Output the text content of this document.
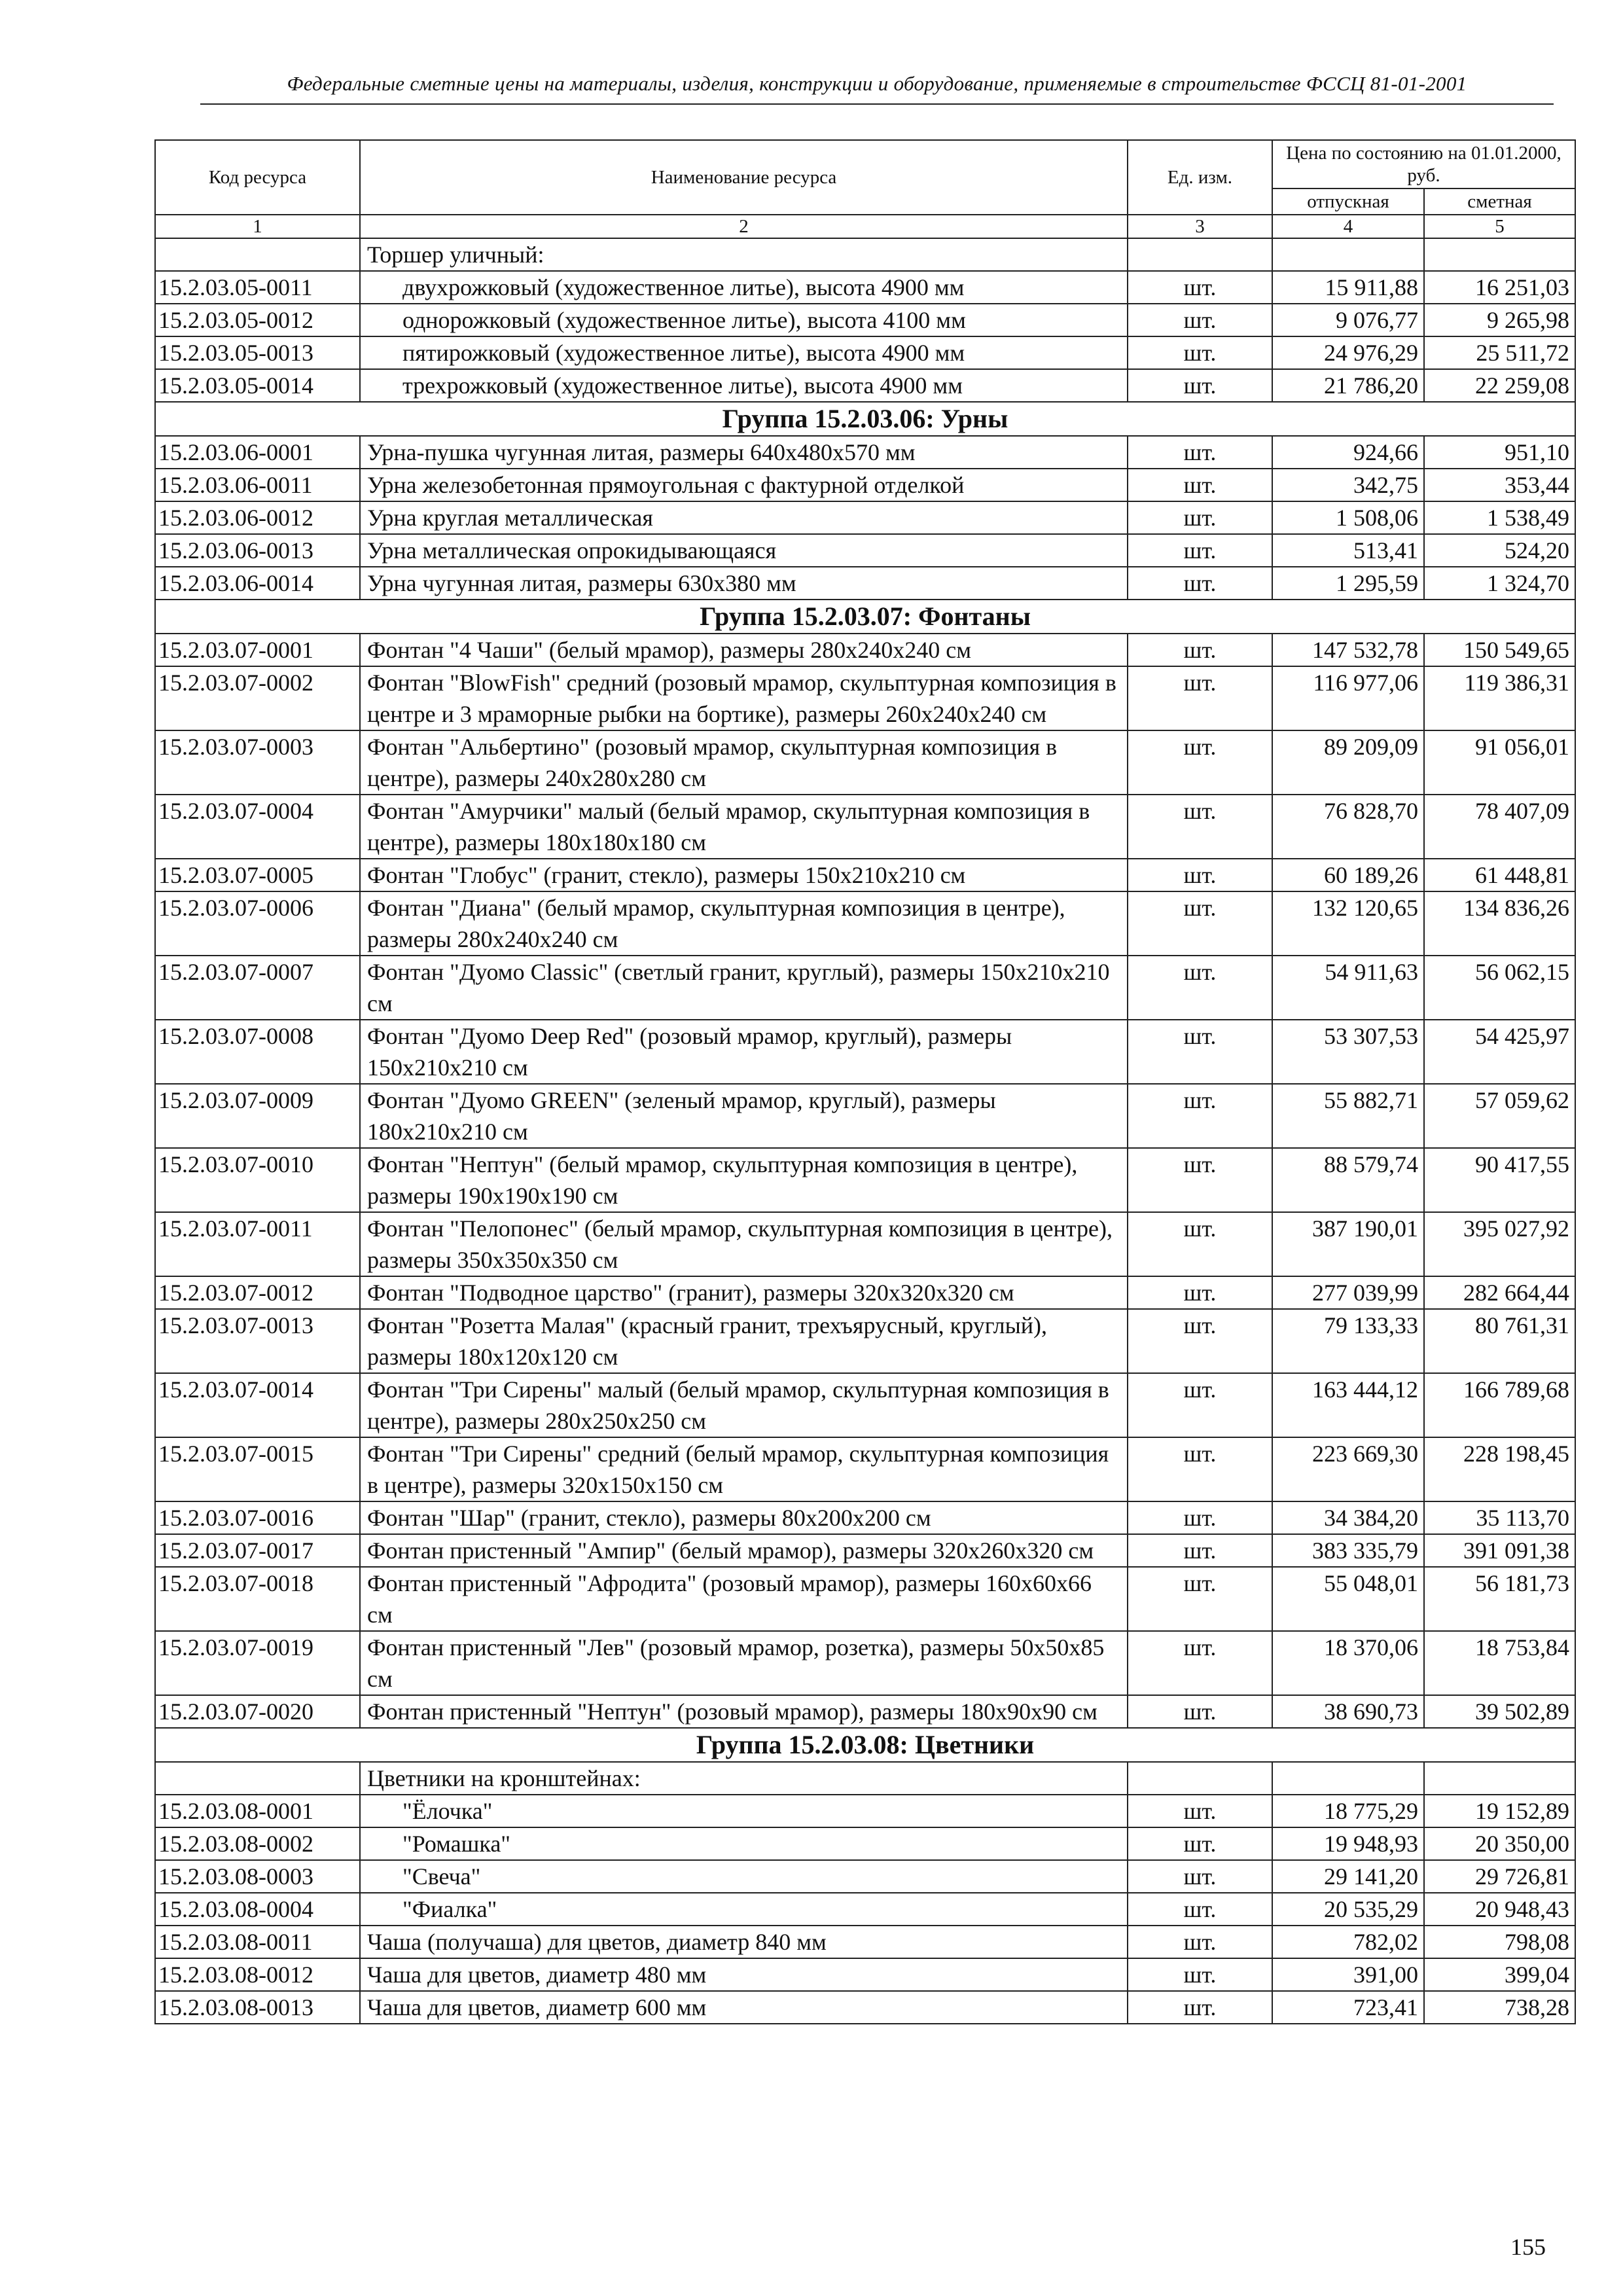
Федеральные сметные цены на материалы, изделия, конструкции и оборудование, применяемые в строительстве ФССЦ 81-01-2001
Код ресурса	Наименование ресурса	Ед. изм.	Цена по состоянию на 01.01.2000, руб.	
			отпускная	сметная
1	2	3	4	5
	Торшер уличный:			
15.2.03.05-0011	двухрожковый (художественное литье), высота 4900 мм	шт.	15 911,88	16 251,03
15.2.03.05-0012	однорожковый (художественное литье), высота 4100 мм	шт.	9 076,77	9 265,98
15.2.03.05-0013	пятирожковый (художественное литье), высота 4900 мм	шт.	24 976,29	25 511,72
15.2.03.05-0014	трехрожковый (художественное литье), высота 4900 мм	шт.	21 786,20	22 259,08
Группа 15.2.03.06: Урны				
15.2.03.06-0001	Урна-пушка чугунная литая, размеры 640x480x570 мм	шт.	924,66	951,10
15.2.03.06-0011	Урна железобетонная прямоугольная с фактурной отделкой	шт.	342,75	353,44
15.2.03.06-0012	Урна круглая металлическая	шт.	1 508,06	1 538,49
15.2.03.06-0013	Урна металлическая опрокидывающаяся	шт.	513,41	524,20
15.2.03.06-0014	Урна чугунная литая, размеры 630x380 мм	шт.	1 295,59	1 324,70
Группа 15.2.03.07: Фонтаны				
15.2.03.07-0001	Фонтан "4 Чаши" (белый мрамор), размеры 280x240x240 см	шт.	147 532,78	150 549,65
15.2.03.07-0002	Фонтан "BlowFish" средний (розовый мрамор, скульптурная композиция в центре и 3 мраморные рыбки на бортике), размеры 260x240x240 см	шт.	116 977,06	119 386,31
15.2.03.07-0003	Фонтан "Альбертино" (розовый мрамор, скульптурная композиция в центре), размеры 240x280x280 см	шт.	89 209,09	91 056,01
15.2.03.07-0004	Фонтан "Амурчики" малый (белый мрамор, скульптурная композиция в центре), размеры 180x180x180 см	шт.	76 828,70	78 407,09
15.2.03.07-0005	Фонтан "Глобус" (гранит, стекло), размеры 150x210x210 см	шт.	60 189,26	61 448,81
15.2.03.07-0006	Фонтан "Диана" (белый мрамор, скульптурная композиция в центре), размеры 280x240x240 см	шт.	132 120,65	134 836,26
15.2.03.07-0007	Фонтан "Дуомо Classic" (светлый гранит, круглый), размеры 150x210x210 см	шт.	54 911,63	56 062,15
15.2.03.07-0008	Фонтан "Дуомо Deep Red" (розовый мрамор, круглый), размеры 150x210x210 см	шт.	53 307,53	54 425,97
15.2.03.07-0009	Фонтан "Дуомо GREEN" (зеленый мрамор, круглый), размеры 180x210x210 см	шт.	55 882,71	57 059,62
15.2.03.07-0010	Фонтан "Нептун" (белый мрамор, скульптурная композиция в центре), размеры 190x190x190 см	шт.	88 579,74	90 417,55
15.2.03.07-0011	Фонтан "Пелопонес" (белый мрамор, скульптурная композиция в центре), размеры 350x350x350 см	шт.	387 190,01	395 027,92
15.2.03.07-0012	Фонтан "Подводное царство" (гранит), размеры 320x320x320 см	шт.	277 039,99	282 664,44
15.2.03.07-0013	Фонтан "Розетта Малая" (красный гранит, трехъярусный, круглый), размеры 180x120x120 см	шт.	79 133,33	80 761,31
15.2.03.07-0014	Фонтан "Три Сирены" малый (белый мрамор, скульптурная композиция в центре), размеры 280x250x250 см	шт.	163 444,12	166 789,68
15.2.03.07-0015	Фонтан "Три Сирены" средний (белый мрамор, скульптурная композиция в центре), размеры 320x150x150 см	шт.	223 669,30	228 198,45
15.2.03.07-0016	Фонтан "Шар" (гранит, стекло), размеры 80x200x200 см	шт.	34 384,20	35 113,70
15.2.03.07-0017	Фонтан пристенный "Ампир" (белый мрамор), размеры 320x260x320 см	шт.	383 335,79	391 091,38
15.2.03.07-0018	Фонтан пристенный "Афродита" (розовый мрамор), размеры 160x60x66 см	шт.	55 048,01	56 181,73
15.2.03.07-0019	Фонтан пристенный "Лев" (розовый мрамор, розетка), размеры 50x50x85 см	шт.	18 370,06	18 753,84
15.2.03.07-0020	Фонтан пристенный "Нептун" (розовый мрамор), размеры 180x90x90 см	шт.	38 690,73	39 502,89
Группа 15.2.03.08: Цветники				
	Цветники на кронштейнах:			
15.2.03.08-0001	"Ёлочка"	шт.	18 775,29	19 152,89
15.2.03.08-0002	"Ромашка"	шт.	19 948,93	20 350,00
15.2.03.08-0003	"Свеча"	шт.	29 141,20	29 726,81
15.2.03.08-0004	"Фиалка"	шт.	20 535,29	20 948,43
15.2.03.08-0011	Чаша (получаша) для цветов, диаметр 840 мм	шт.	782,02	798,08
15.2.03.08-0012	Чаша для цветов, диаметр 480 мм	шт.	391,00	399,04
15.2.03.08-0013	Чаша для цветов, диаметр 600 мм	шт.	723,41	738,28
155
